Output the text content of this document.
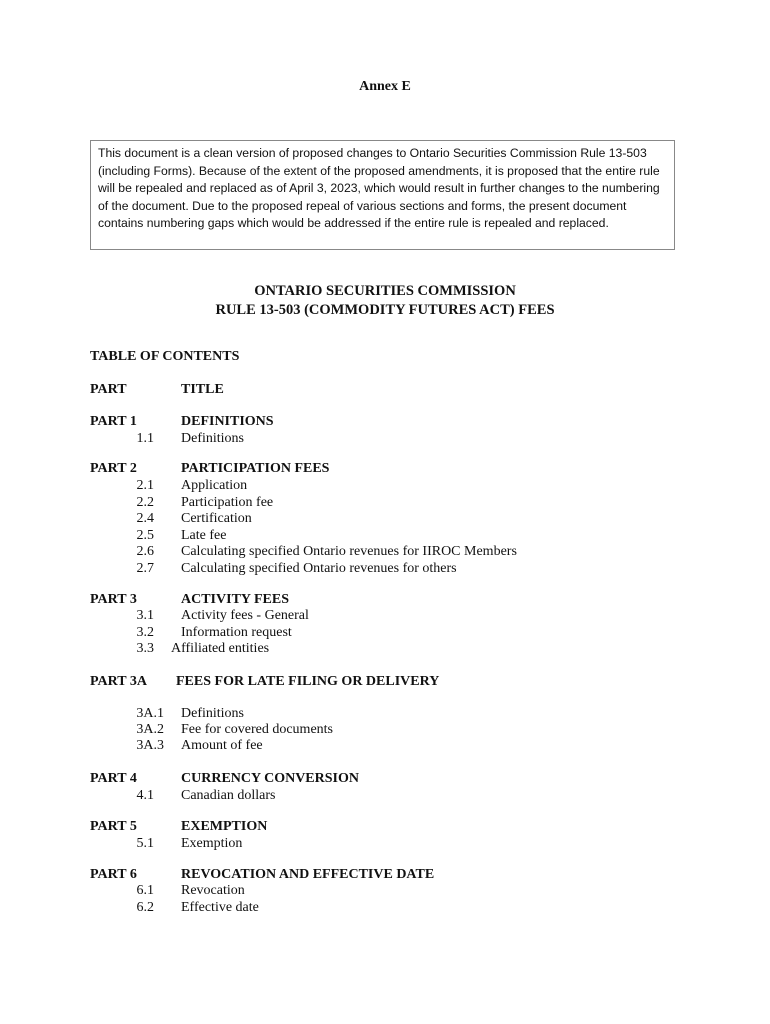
Annex E
This document is a clean version of proposed changes to Ontario Securities Commission Rule 13-503 (including Forms). Because of the extent of the proposed amendments, it is proposed that the entire rule will be repealed and replaced as of April 3, 2023, which would result in further changes to the numbering of the document. Due to the proposed repeal of various sections and forms, the present document contains numbering gaps which would be addressed if the entire rule is repealed and replaced.
ONTARIO SECURITIES COMMISSION
RULE 13-503 (COMMODITY FUTURES ACT) FEES
TABLE OF CONTENTS
PART	TITLE
PART 1	DEFINITIONS
1.1 Definitions
PART 2	PARTICIPATION FEES
2.1 Application
2.2 Participation fee
2.4 Certification
2.5 Late fee
2.6 Calculating specified Ontario revenues for IIROC Members
2.7 Calculating specified Ontario revenues for others
PART 3	ACTIVITY FEES
3.1 Activity fees - General
3.2 Information request
3.3 Affiliated entities
PART 3A FEES FOR LATE FILING OR DELIVERY
3A.1 Definitions
3A.2 Fee for covered documents
3A.3 Amount of fee
PART 4	CURRENCY CONVERSION
4.1 Canadian dollars
PART 5	EXEMPTION
5.1 Exemption
PART 6	REVOCATION AND EFFECTIVE DATE
6.1 Revocation
6.2 Effective date
